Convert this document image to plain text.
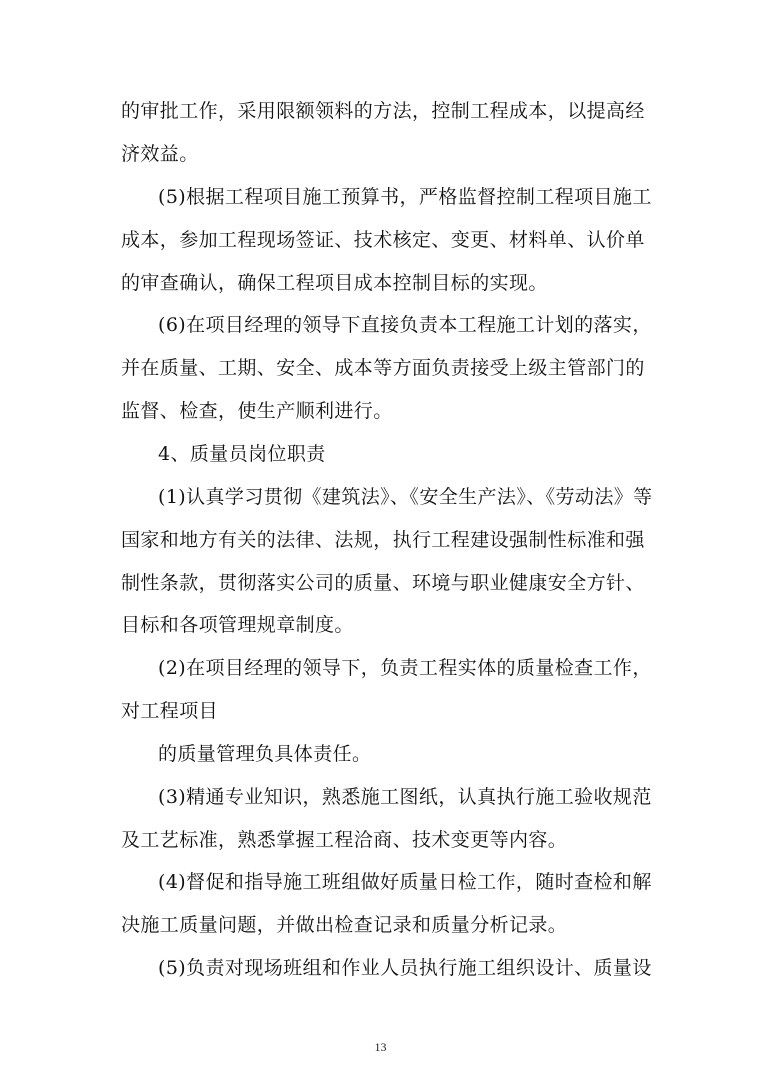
的审批工作，采用限额领料的方法，控制工程成本，以提高经
济效益。
(5)根据工程项目施工预算书，严格监督控制工程项目施工
成本，参加工程现场签证、技术核定、变更、材料单、认价单
的审查确认，确保工程项目成本控制目标的实现。
(6)在项目经理的领导下直接负责本工程施工计划的落实，
并在质量、工期、安全、成本等方面负责接受上级主管部门的
监督、检查，使生产顺利进行。
4、质量员岗位职责
(1)认真学习贯彻《建筑法》、《安全生产法》、《劳动法》等
国家和地方有关的法律、法规，执行工程建设强制性标准和强
制性条款，贯彻落实公司的质量、环境与职业健康安全方针、
目标和各项管理规章制度。
(2)在项目经理的领导下，负责工程实体的质量检查工作，
对工程项目
的质量管理负具体责任。
(3)精通专业知识，熟悉施工图纸，认真执行施工验收规范
及工艺标准，熟悉掌握工程洽商、技术变更等内容。
(4)督促和指导施工班组做好质量日检工作，随时查检和解
决施工质量问题，并做出检查记录和质量分析记录。
(5)负责对现场班组和作业人员执行施工组织设计、质量设
13
